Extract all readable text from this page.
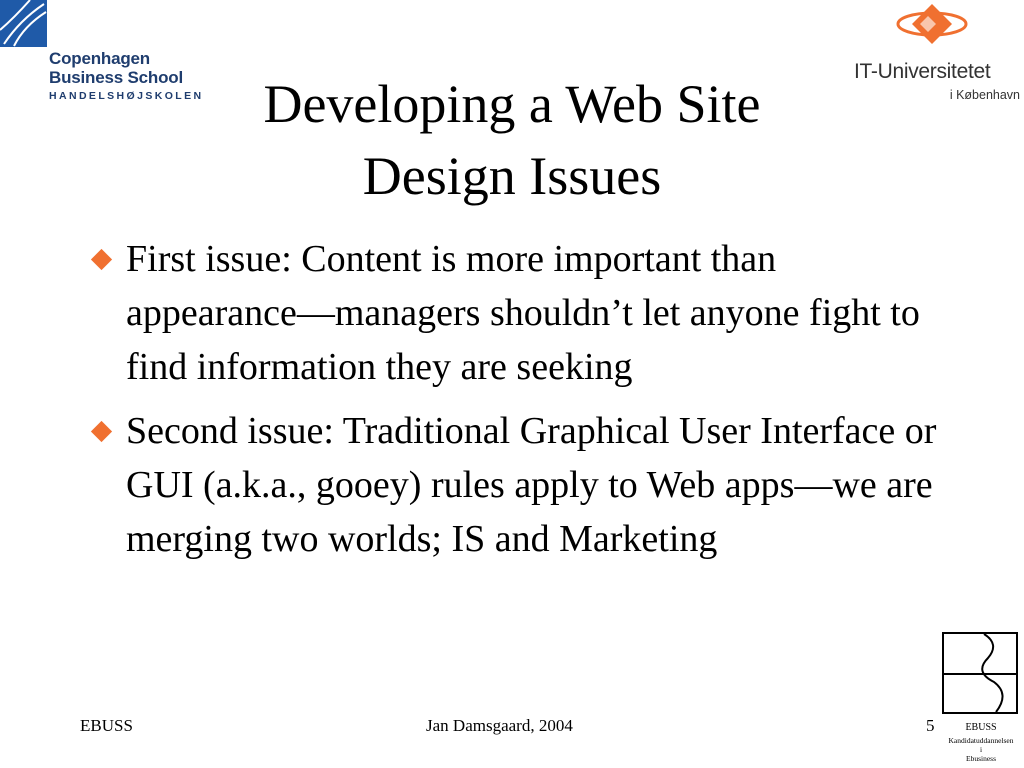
Copenhagen
Business School
HANDELSHØJSKOLEN
IT-Universitetet
i København
Developing a Web Site
Design Issues
First issue: Content is more important than appearance—managers shouldn’t let anyone fight to find information they are seeking
Second issue: Traditional Graphical User Interface or GUI (a.k.a., gooey) rules apply to Web apps—we are merging two worlds; IS and Marketing
EBUSS	Jan Damsgaard, 2004	5	EBUSS
Kandidatuddannelsen
i
Ebusiness
